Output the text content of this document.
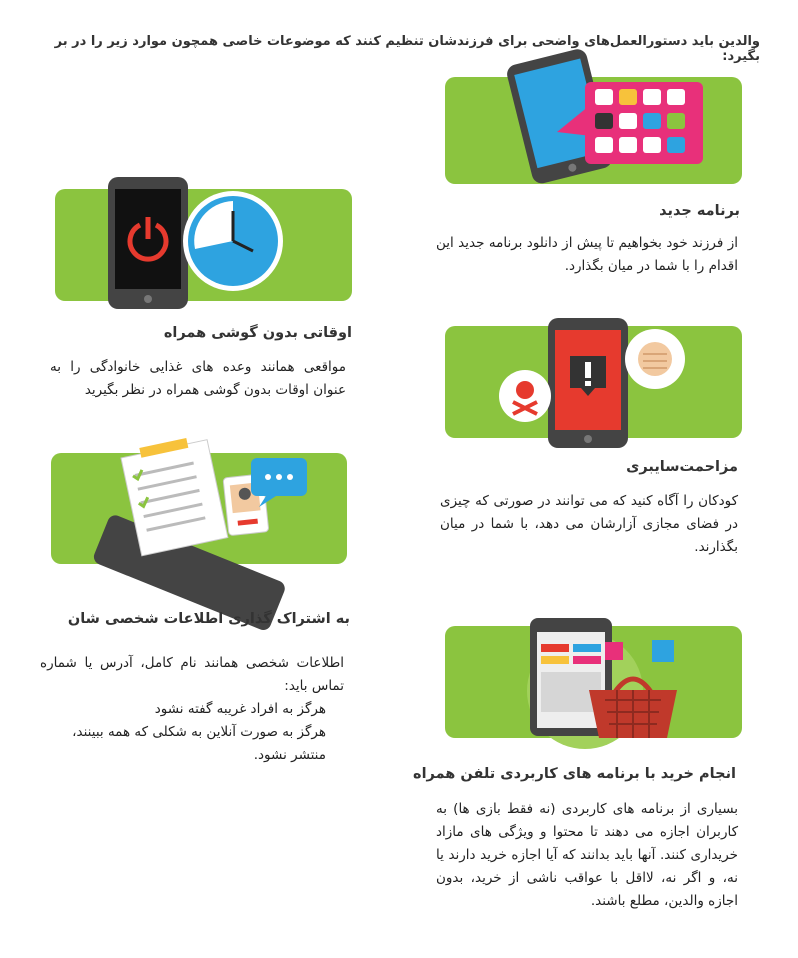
والدین باید دستورالعمل‌های واضحی برای فرزندشان تنظیم کنند که موضوعات خاصی همچون موارد زیر را در بر بگیرد:
برنامه جدید
از فرزند خود بخواهیم تا پیش از دانلود برنامه جدید این اقدام را با شما در میان بگذارد.
مزاحمت‌سایبری
کودکان را آگاه کنید که می توانند در صورتی که چیزی در فضای مجازی آزارشان می دهد، با شما در میان بگذارند.
انجام خرید با برنامه های کاربردی تلفن همراه
بسیاری از برنامه های کاربردی (نه فقط بازی ها) به کاربران اجازه می دهند تا محتوا و ویژگی های مازاد خریداری کنند. آنها باید بدانند که آیا اجازه خرید دارند یا نه، و اگر نه، لااقل با عواقب ناشی از خرید، بدون اجازه والدین، مطلع باشند.
اوقاتی بدون گوشی همراه
مواقعی همانند وعده های غذایی خانوادگی را به عنوان اوقات بدون گوشی همراه در نظر بگیرید
به اشتراک گذاری اطلاعات شخصی شان

اطلاعات شخصی همانند نام کامل، آدرس یا شماره تماس باید:

هرگز به افراد غریبه گفته نشود

هرگز به صورت آنلاین به شکلی که همه ببینند، منتشر نشود.
